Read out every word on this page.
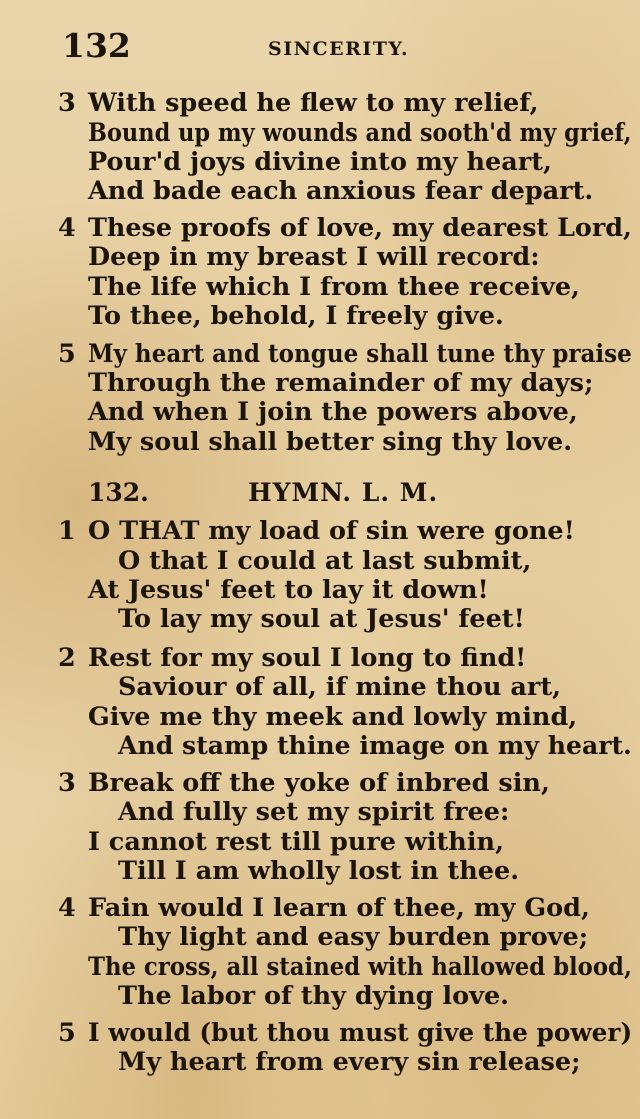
132	SINCERITY.
3 With speed he flew to my relief,
Bound up my wounds and sooth'd my grief,
Pour'd joys divine into my heart,
And bade each anxious fear depart.
4 These proofs of love, my dearest Lord,
Deep in my breast I will record:
The life which I from thee receive,
To thee, behold, I freely give.
5 My heart and tongue shall tune thy praise
Through the remainder of my days;
And when I join the powers above,
My soul shall better sing thy love.
132.	HYMN. L. M.
1 O THAT my load of sin were gone!
O that I could at last submit,
At Jesus' feet to lay it down!
To lay my soul at Jesus' feet!
2 Rest for my soul I long to find!
Saviour of all, if mine thou art,
Give me thy meek and lowly mind,
And stamp thine image on my heart.
3 Break off the yoke of inbred sin,
And fully set my spirit free:
I cannot rest till pure within,
Till I am wholly lost in thee.
4 Fain would I learn of thee, my God,
Thy light and easy burden prove;
The cross, all stained with hallowed blood,
The labor of thy dying love.
5 I would (but thou must give the power)
My heart from every sin release;
